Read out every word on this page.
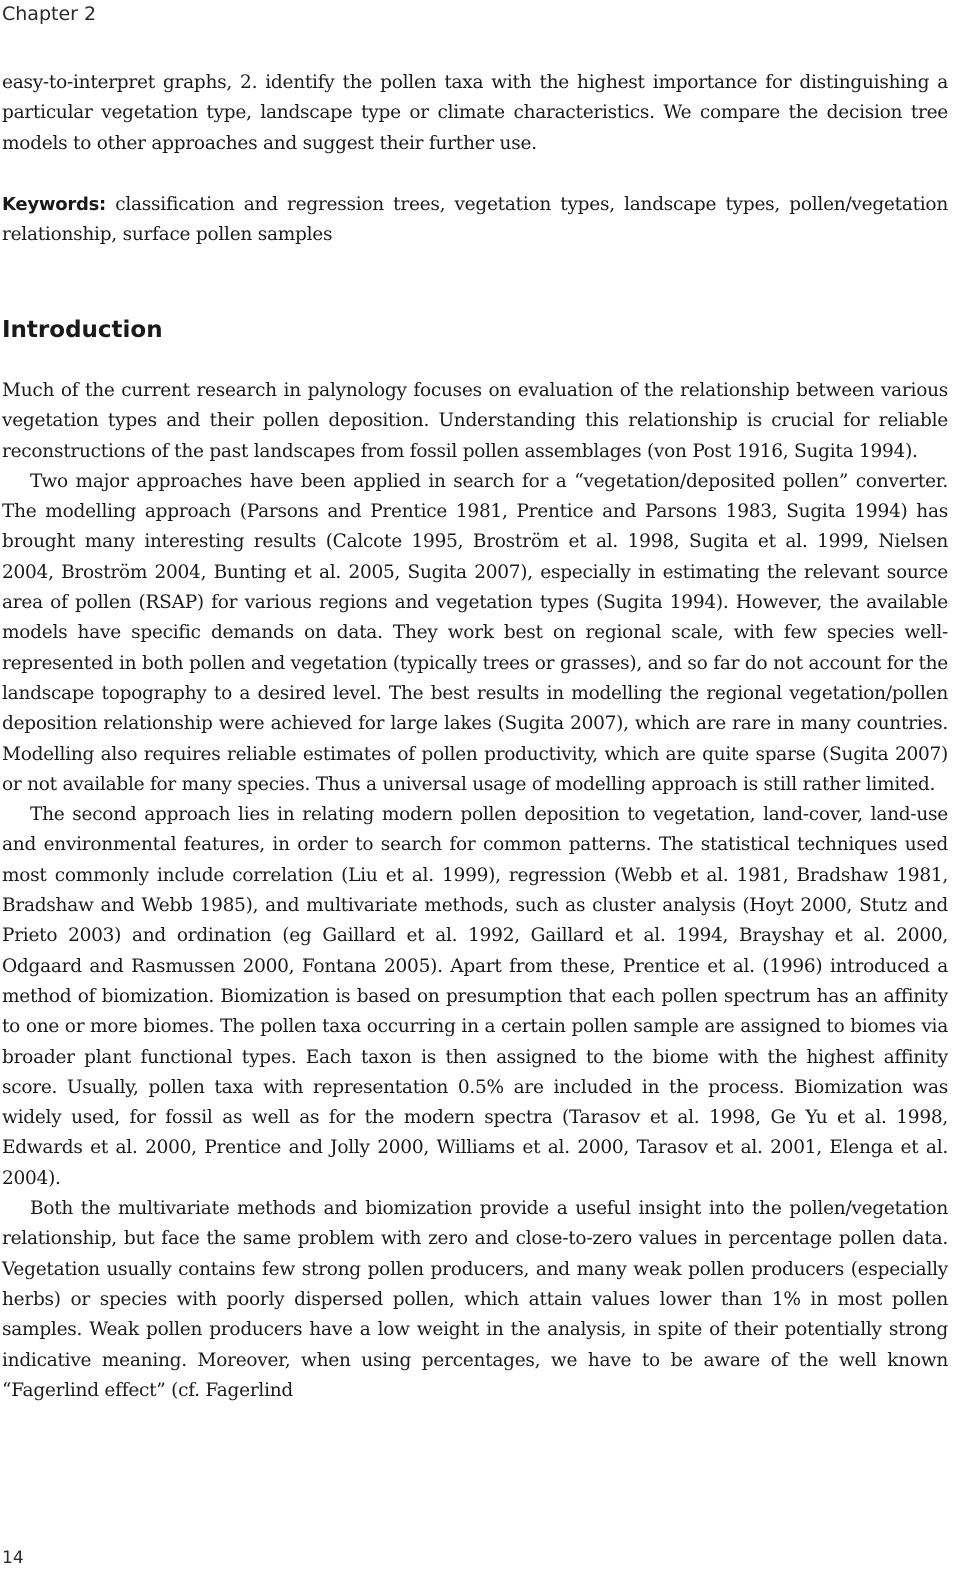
Chapter 2

easy-to-interpret graphs, 2. identify the pollen taxa with the highest importance for distinguishing a particular vegetation type, landscape type or climate characteristics. We compare the decision tree models to other approaches and suggest their further use.

Keywords: classification and regression trees, vegetation types, landscape types, pollen/vegetation relationship, surface pollen samples

Introduction

Much of the current research in palynology focuses on evaluation of the relationship between various vegetation types and their pollen deposition. Understanding this relationship is crucial for reliable reconstructions of the past landscapes from fossil pollen assemblages (von Post 1916, Sugita 1994).

Two major approaches have been applied in search for a “vegetation/deposited pollen” converter. The modelling approach (Parsons and Prentice 1981, Prentice and Parsons 1983, Sugita 1994) has brought many interesting results (Calcote 1995, Broström et al. 1998, Sugita et al. 1999, Nielsen 2004, Broström 2004, Bunting et al. 2005, Sugita 2007), especially in estimating the relevant source area of pollen (RSAP) for various regions and vegetation types (Sugita 1994). However, the available models have specific demands on data. They work best on regional scale, with few species well-represented in both pollen and vegetation (typically trees or grasses), and so far do not account for the landscape topography to a desired level. The best results in modelling the regional vegetation/pollen deposition relationship were achieved for large lakes (Sugita 2007), which are rare in many countries. Modelling also requires reliable estimates of pollen productivity, which are quite sparse (Sugita 2007) or not available for many species. Thus a universal usage of modelling approach is still rather limited.

The second approach lies in relating modern pollen deposition to vegetation, land-cover, land-use and environmental features, in order to search for common patterns. The statistical techniques used most commonly include correlation (Liu et al. 1999), regression (Webb et al. 1981, Bradshaw 1981, Bradshaw and Webb 1985), and multivariate methods, such as cluster analysis (Hoyt 2000, Stutz and Prieto 2003) and ordination (eg Gaillard et al. 1992, Gaillard et al. 1994, Brayshay et al. 2000, Odgaard and Rasmussen 2000, Fontana 2005). Apart from these, Prentice et al. (1996) introduced a method of biomization. Biomization is based on presumption that each pollen spectrum has an affinity to one or more biomes. The pollen taxa occurring in a certain pollen sample are assigned to biomes via broader plant functional types. Each taxon is then assigned to the biome with the highest affinity score. Usually, pollen taxa with representation 0.5% are included in the process. Biomization was widely used, for fossil as well as for the modern spectra (Tarasov et al. 1998, Ge Yu et al. 1998, Edwards et al. 2000, Prentice and Jolly 2000, Williams et al. 2000, Tarasov et al. 2001, Elenga et al. 2004).

Both the multivariate methods and biomization provide a useful insight into the pollen/vegetation relationship, but face the same problem with zero and close-to-zero values in percentage pollen data. Vegetation usually contains few strong pollen producers, and many weak pollen producers (especially herbs) or species with poorly dispersed pollen, which attain values lower than 1% in most pollen samples. Weak pollen producers have a low weight in the analysis, in spite of their potentially strong indicative meaning. Moreover, when using percentages, we have to be aware of the well known “Fagerlind effect” (cf. Fagerlind

14
